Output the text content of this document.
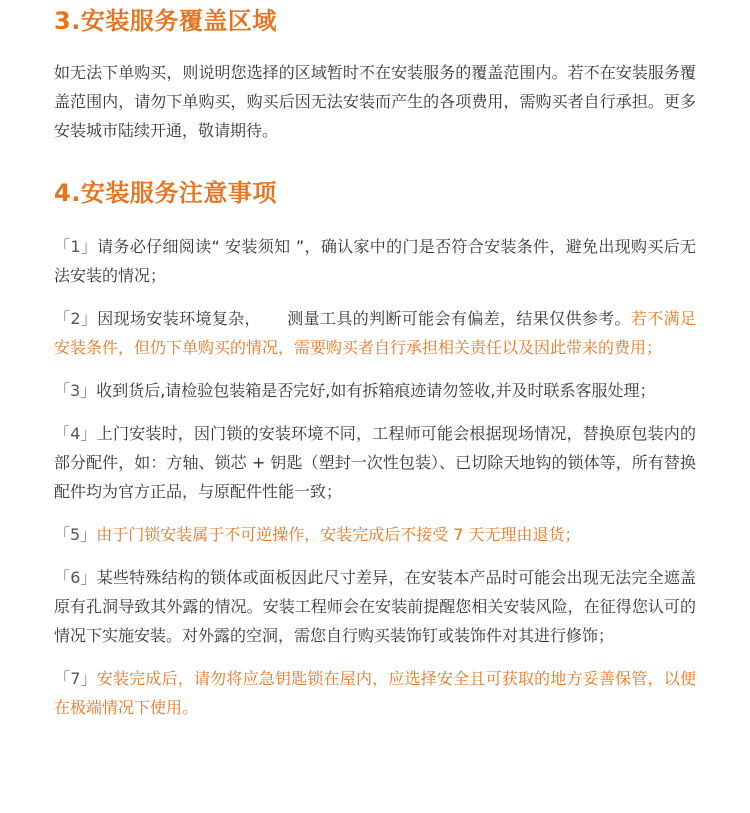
3.安装服务覆盖区域

如无法下单购买，则说明您选择的区域暂时不在安装服务的覆盖范围内。若不在安装服务覆盖范围内，请勿下单购买，购买后因无法安装而产生的各项费用，需购买者自行承担。更多安装城市陆续开通，敬请期待。

4.安装服务注意事项

「1」请务必仔细阅读“ 安装须知 ”，确认家中的门是否符合安装条件，避免出现购买后无法安装的情况；

「2」因现场安装环境复杂， 测量工具的判断可能会有偏差，结果仅供参考。若不满足安装条件，但仍下单购买的情况，需要购买者自行承担相关责任以及因此带来的费用；

「3」收到货后,请检验包装箱是否完好,如有拆箱痕迹请勿签收,并及时联系客服处理；

「4」上门安装时，因门锁的安装环境不同，工程师可能会根据现场情况，替换原包装内的部分配件，如：方轴、锁芯 + 钥匙（塑封一次性包装）、已切除天地钩的锁体等，所有替换配件均为官方正品，与原配件性能一致；

「5」由于门锁安装属于不可逆操作，安装完成后不接受 7 天无理由退货；

「6」某些特殊结构的锁体或面板因此尺寸差异，在安装本产品时可能会出现无法完全遮盖原有孔洞导致其外露的情况。安装工程师会在安装前提醒您相关安装风险，在征得您认可的情况下实施安装。对外露的空洞，需您自行购买装饰钉或装饰件对其进行修饰；

「7」安装完成后，请勿将应急钥匙锁在屋内，应选择安全且可获取的地方妥善保管，以便在极端情况下使用。
